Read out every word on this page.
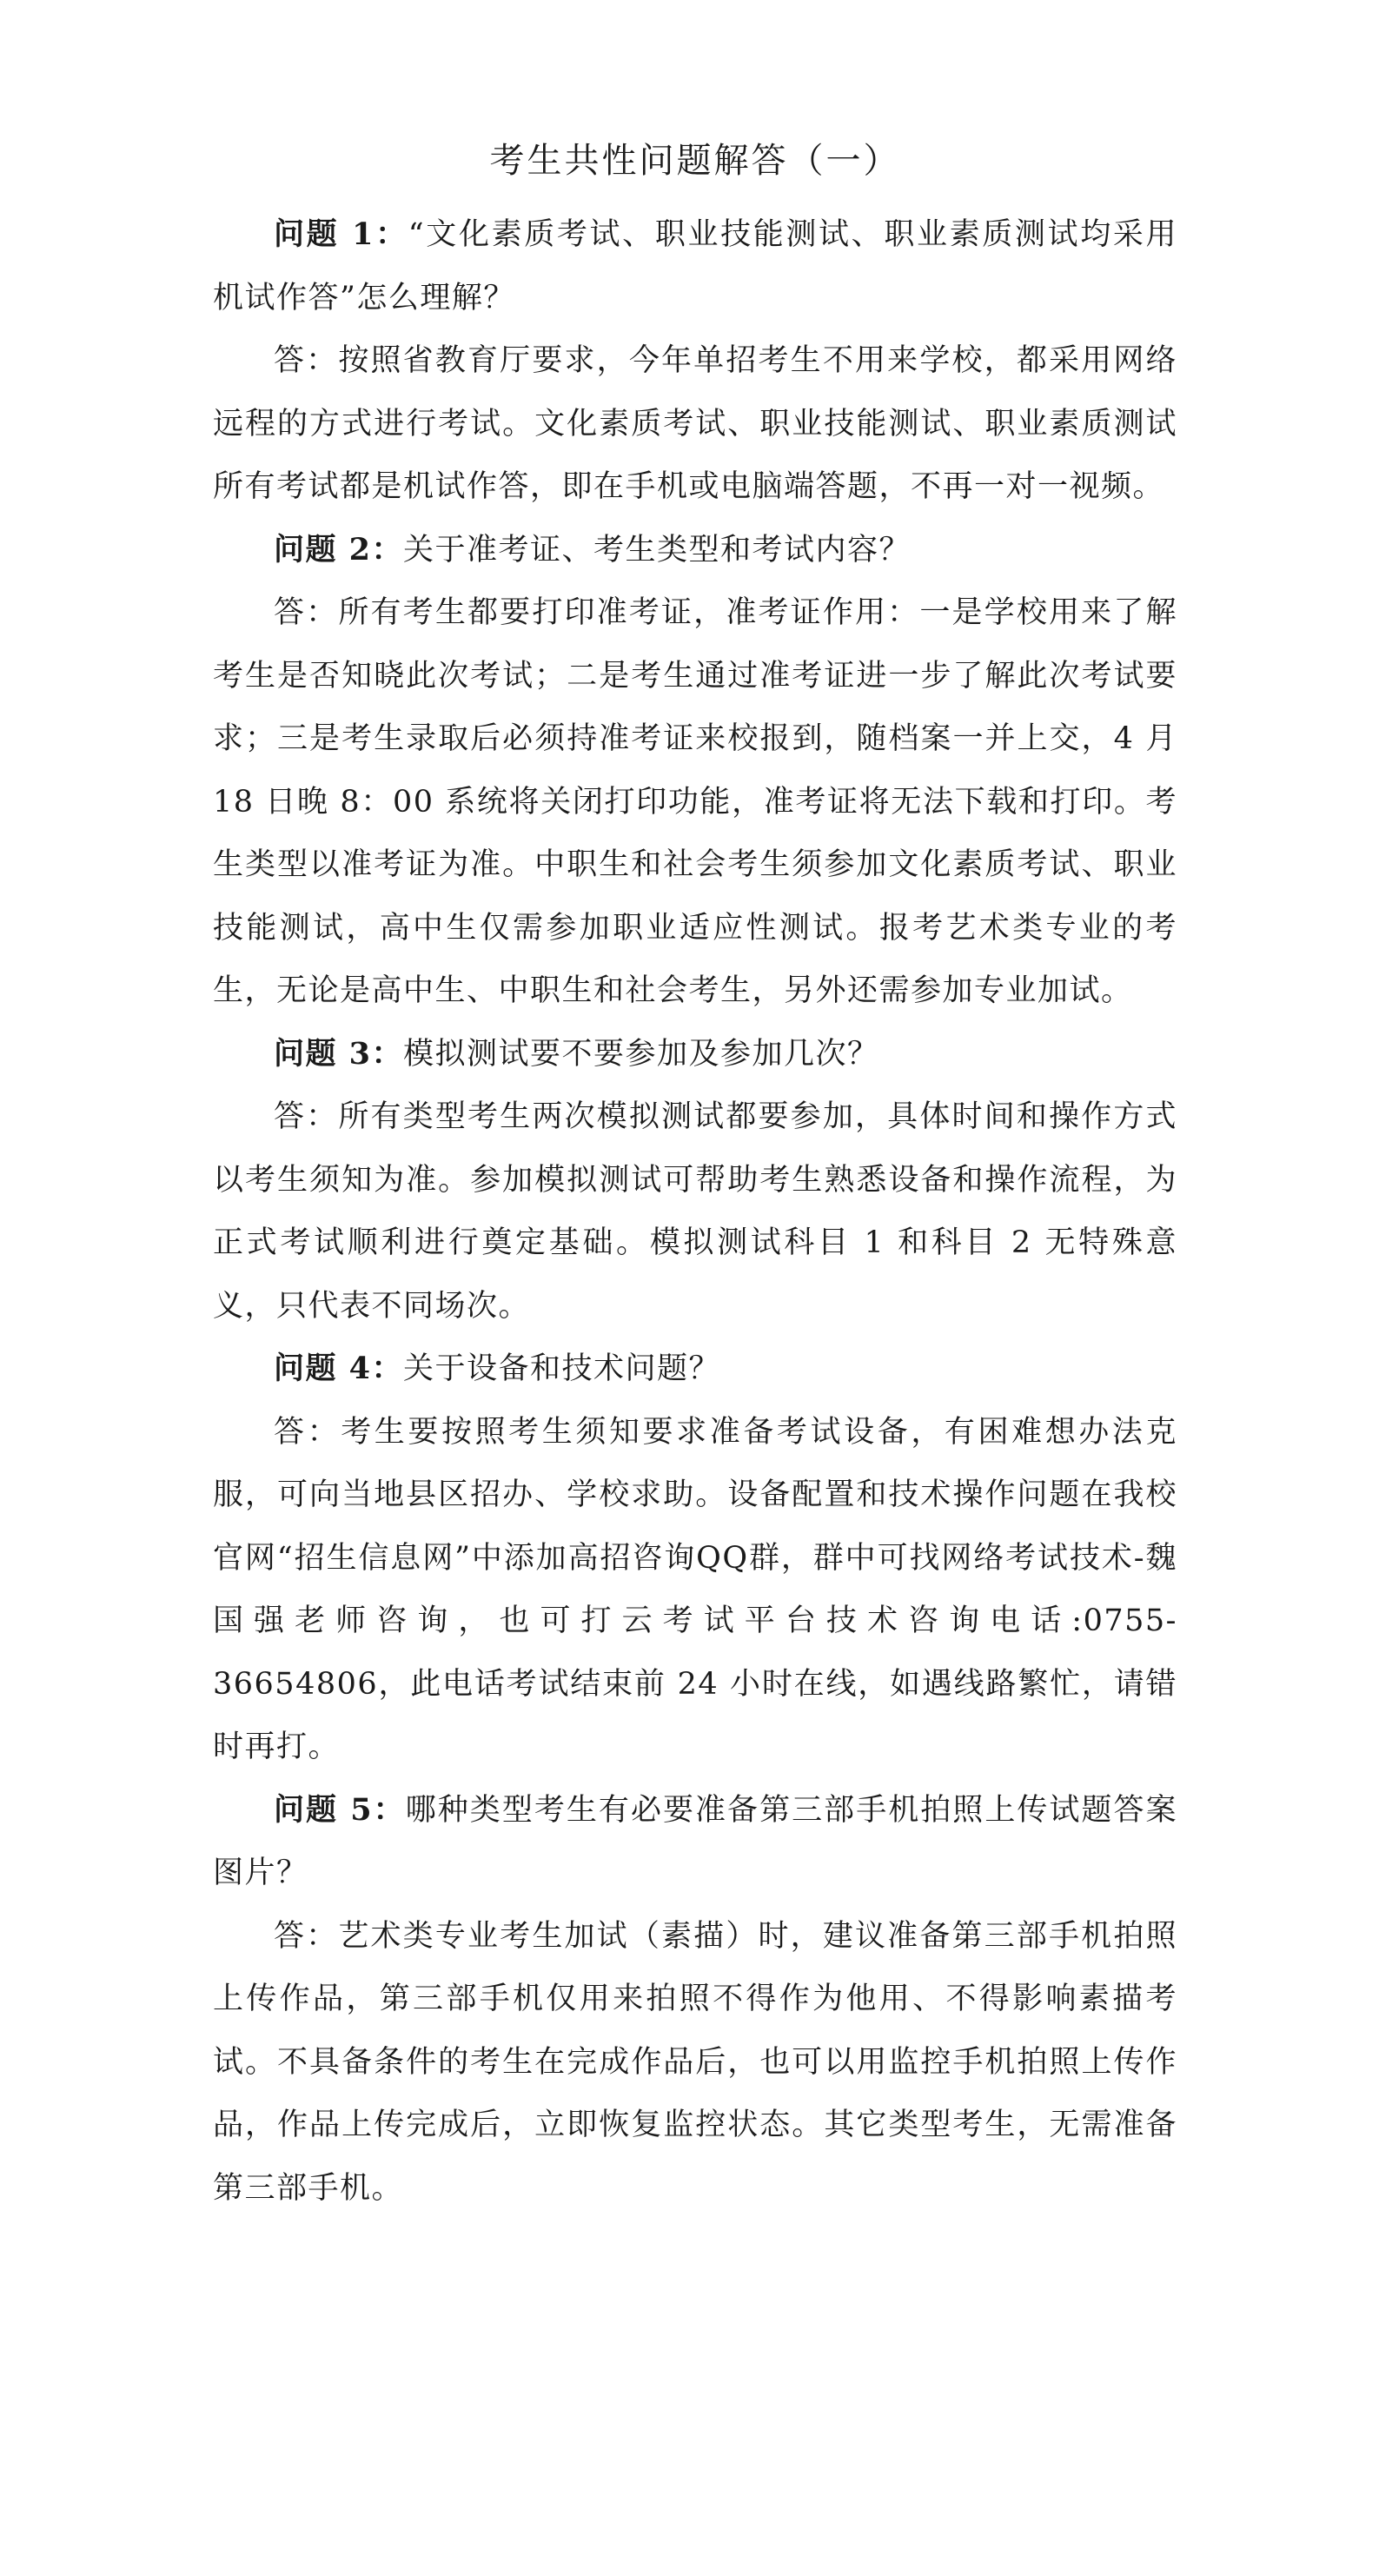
考生共性问题解答（一）

问题 1：“文化素质考试、职业技能测试、职业素质测试均采用机试作答”怎么理解？

答：按照省教育厅要求，今年单招考生不用来学校，都采用网络远程的方式进行考试。文化素质考试、职业技能测试、职业素质测试所有考试都是机试作答，即在手机或电脑端答题，不再一对一视频。

问题 2：关于准考证、考生类型和考试内容？

答：所有考生都要打印准考证，准考证作用：一是学校用来了解考生是否知晓此次考试；二是考生通过准考证进一步了解此次考试要求；三是考生录取后必须持准考证来校报到，随档案一并上交，4 月 18 日晚 8：00 系统将关闭打印功能，准考证将无法下载和打印。考生类型以准考证为准。中职生和社会考生须参加文化素质考试、职业技能测试，高中生仅需参加职业适应性测试。报考艺术类专业的考生，无论是高中生、中职生和社会考生，另外还需参加专业加试。

问题 3：模拟测试要不要参加及参加几次？

答：所有类型考生两次模拟测试都要参加，具体时间和操作方式以考生须知为准。参加模拟测试可帮助考生熟悉设备和操作流程，为正式考试顺利进行奠定基础。模拟测试科目 1 和科目 2 无特殊意义，只代表不同场次。

问题 4：关于设备和技术问题？

答：考生要按照考生须知要求准备考试设备，有困难想办法克服，可向当地县区招办、学校求助。设备配置和技术操作问题在我校官网“招生信息网”中添加高招咨询QQ群，群中可找网络考试技术-魏国强老师咨询，也可打云考试平台技术咨询电话:0755-36654806，此电话考试结束前 24 小时在线，如遇线路繁忙，请错时再打。

问题 5：哪种类型考生有必要准备第三部手机拍照上传试题答案图片？

答：艺术类专业考生加试（素描）时，建议准备第三部手机拍照上传作品，第三部手机仅用来拍照不得作为他用、不得影响素描考试。不具备条件的考生在完成作品后，也可以用监控手机拍照上传作品，作品上传完成后，立即恢复监控状态。其它类型考生，无需准备第三部手机。
